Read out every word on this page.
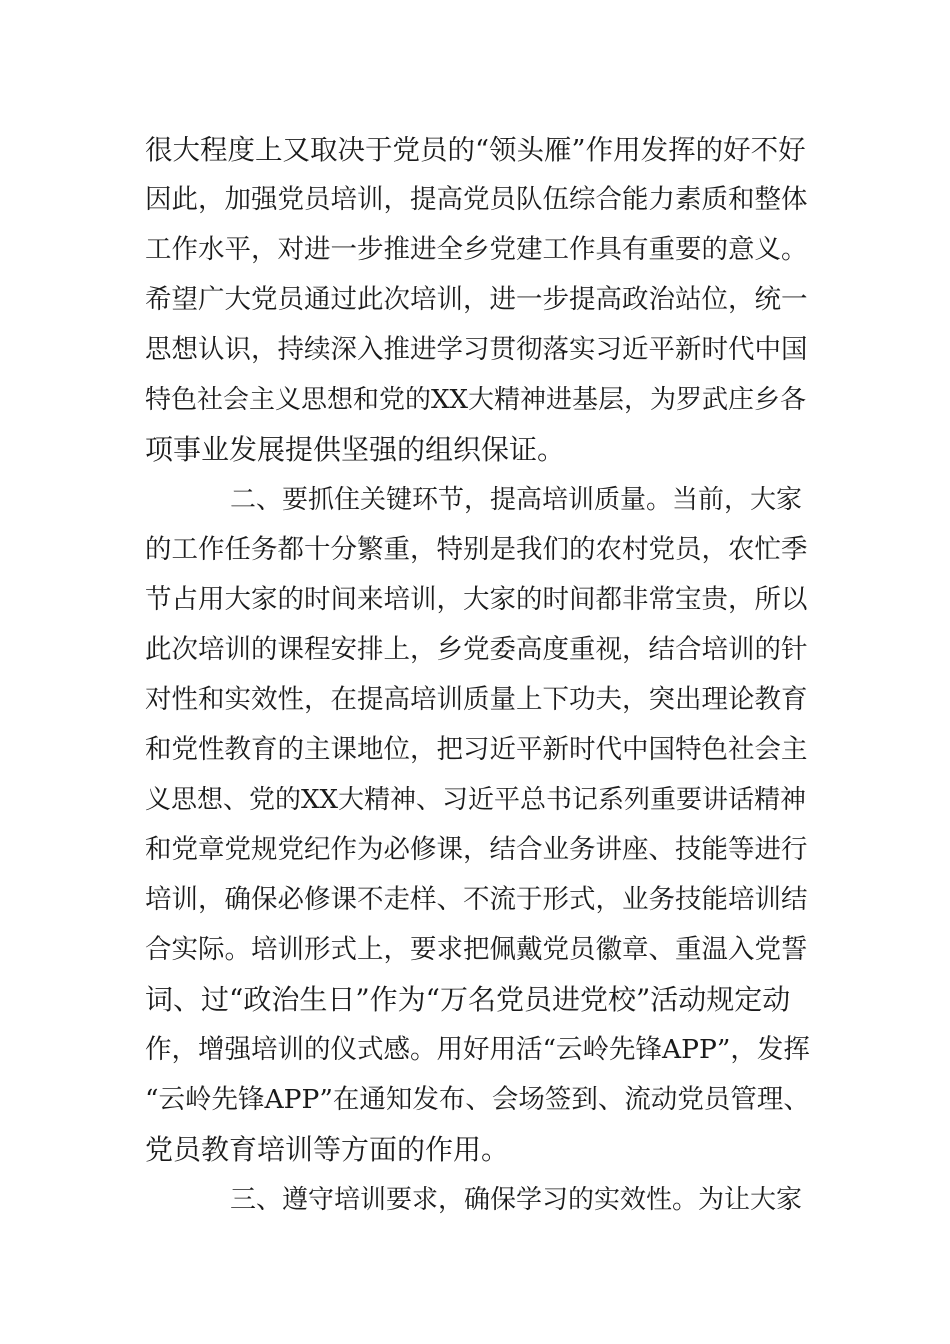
很大程度上又取决于党员的“领头雁”作用发挥的好不好
因此，加强党员培训，提高党员队伍综合能力素质和整体
工作水平，对进一步推进全乡党建工作具有重要的意义。
希望广大党员通过此次培训，进一步提高政治站位，统一
思想认识，持续深入推进学习贯彻落实习近平新时代中国
特色社会主义思想和党的XX大精神进基层，为罗武庄乡各
项事业发展提供坚强的组织保证。
二、要抓住关键环节，提高培训质量。当前，大家
的工作任务都十分繁重，特别是我们的农村党员，农忙季
节占用大家的时间来培训，大家的时间都非常宝贵，所以
此次培训的课程安排上，乡党委高度重视，结合培训的针
对性和实效性，在提高培训质量上下功夫，突出理论教育
和党性教育的主课地位，把习近平新时代中国特色社会主
义思想、党的XX大精神、习近平总书记系列重要讲话精神
和党章党规党纪作为必修课，结合业务讲座、技能等进行
培训，确保必修课不走样、不流于形式，业务技能培训结
合实际。培训形式上，要求把佩戴党员徽章、重温入党誓
词、过“政治生日”作为“万名党员进党校”活动规定动
作，增强培训的仪式感。用好用活“云岭先锋APP”，发挥
“云岭先锋APP”在通知发布、会场签到、流动党员管理、
党员教育培训等方面的作用。
三、遵守培训要求，确保学习的实效性。为让大家
